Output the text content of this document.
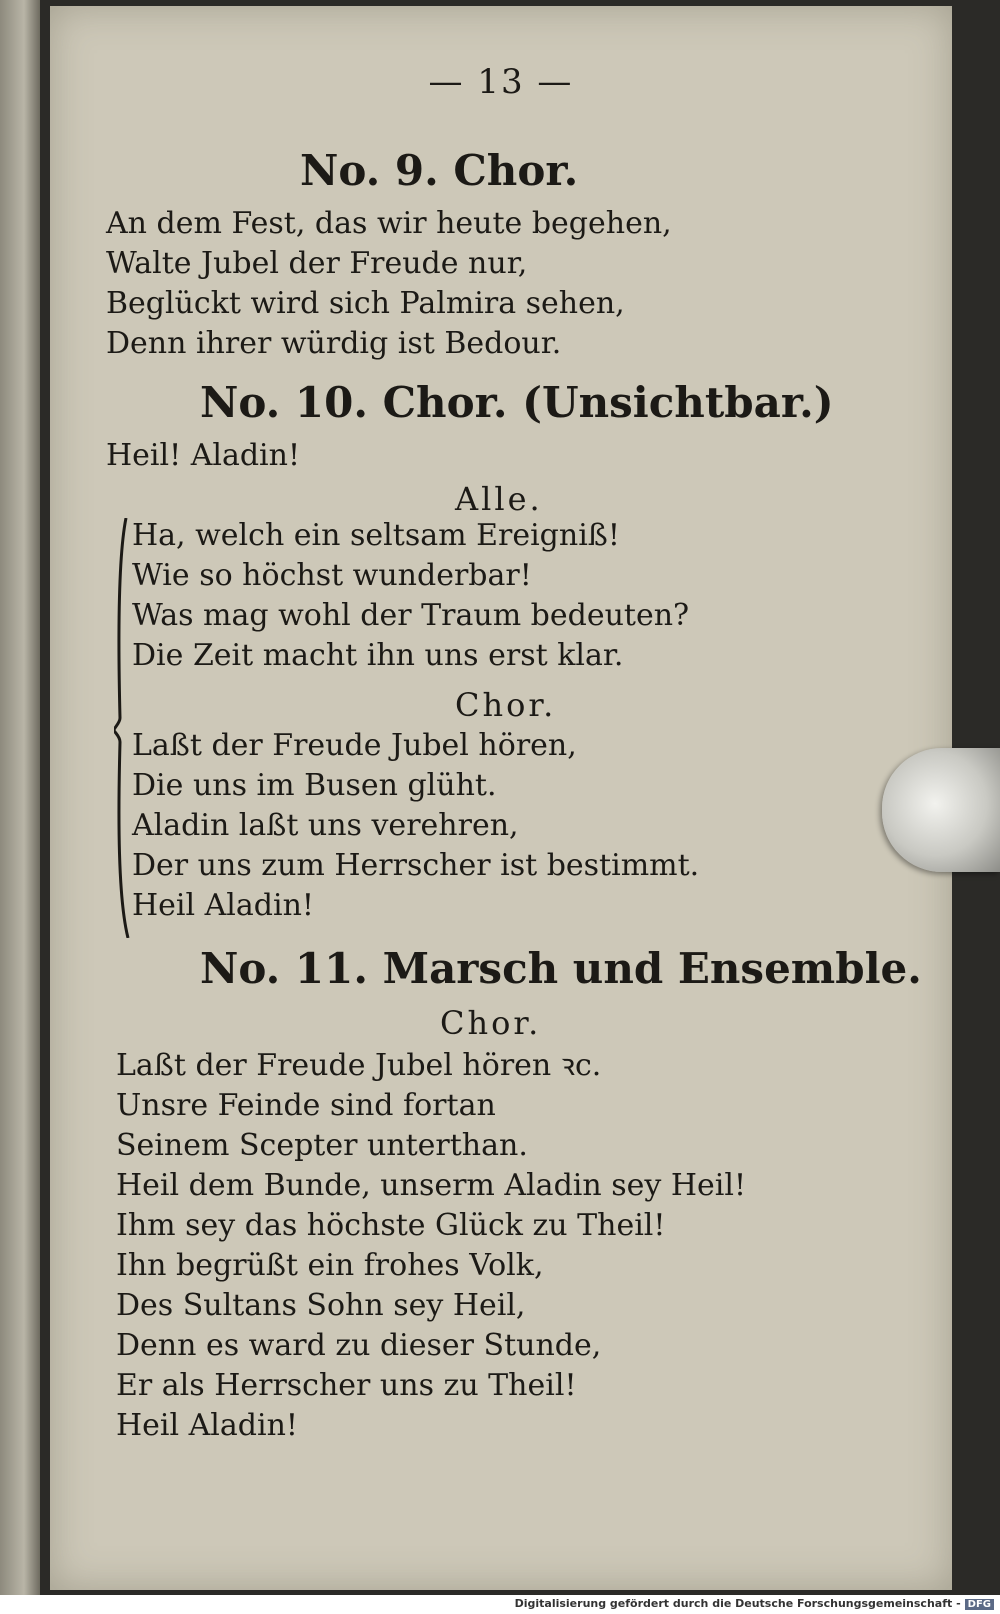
— 13 —
No. 9. Chor.
An dem Fest, das wir heute begehen,
Walte Jubel der Freude nur,
Beglückt wird sich Palmira sehen,
Denn ihrer würdig ist Bedour.
No. 10. Chor. (Unsichtbar.)
Heil! Aladin!
Alle.
Ha, welch ein seltsam Ereigniß!
Wie so höchst wunderbar!
Was mag wohl der Traum bedeuten?
Die Zeit macht ihn uns erst klar.
Chor.
Laßt der Freude Jubel hören,
Die uns im Busen glüht.
Aladin laßt uns verehren,
Der uns zum Herrscher ist bestimmt.
Heil Aladin!
No. 11. Marsch und Ensemble.
Chor.
Laßt der Freude Jubel hören ꝛc.
Unsre Feinde sind fortan
Seinem Scepter unterthan.
Heil dem Bunde, unserm Aladin sey Heil!
Ihm sey das höchste Glück zu Theil!
Ihn begrüßt ein frohes Volk,
Des Sultans Sohn sey Heil,
Denn es ward zu dieser Stunde,
Er als Herrscher uns zu Theil!
Heil Aladin!
Digitalisierung gefördert durch die Deutsche Forschungsgemeinschaft - DFG
